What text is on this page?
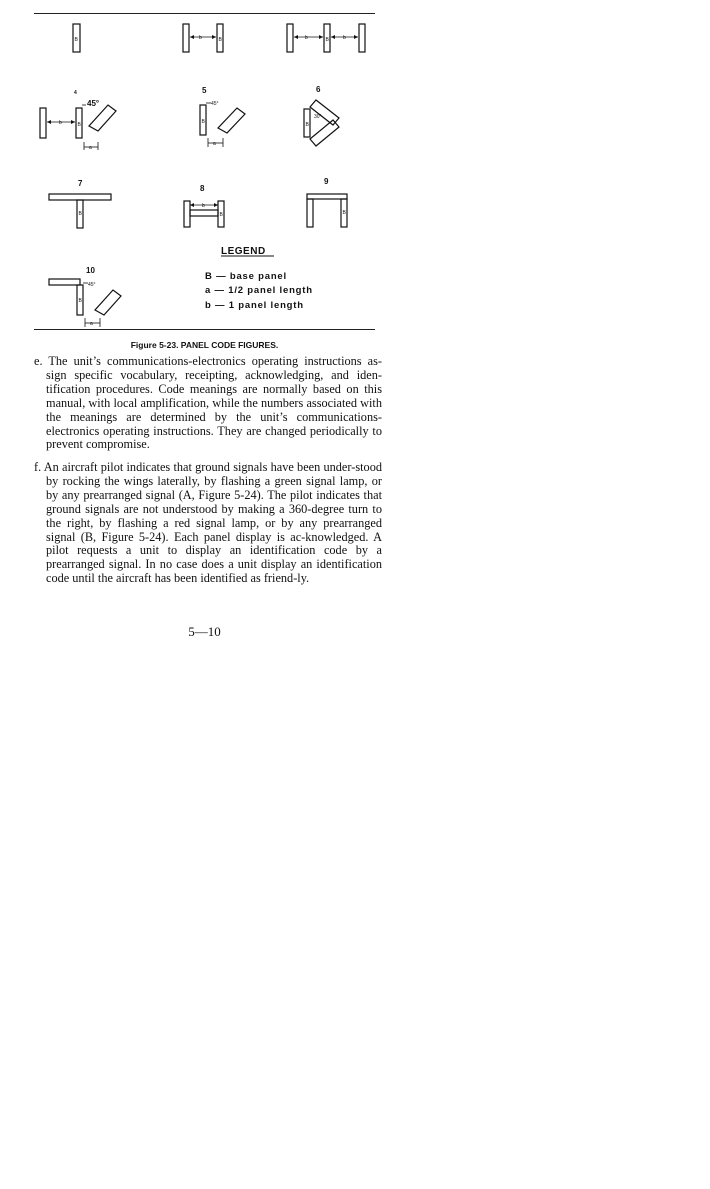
B	B	B
B	B	B
B	B	B
B
b	b	b
b
a
a
b
a
45°	45°
30°
45°
4	5	6
7
8
9
10
LEGEND
B — base panel
a — 1/2 panel length
b — 1 panel length
Figure 5-23. PANEL CODE FIGURES.

e. The unit’s communications-electronics operating instructions as-sign specific vocabulary, receipting, acknowledging, and iden-tification procedures. Code meanings are normally based on this manual, with local amplification, while the numbers associated with the meanings are determined by the unit’s communications-electronics operating instructions. They are changed periodically to prevent compromise.

f. An aircraft pilot indicates that ground signals have been under-stood by rocking the wings laterally, by flashing a green signal lamp, or by any prearranged signal (A, Figure 5-24). The pilot indicates that ground signals are not understood by making a 360-degree turn to the right, by flashing a red signal lamp, or by any prearranged signal (B, Figure 5-24). Each panel display is ac-knowledged. A pilot requests a unit to display an identification code by a prearranged signal. In no case does a unit display an identification code until the aircraft has been identified as friend-ly.

5—10
